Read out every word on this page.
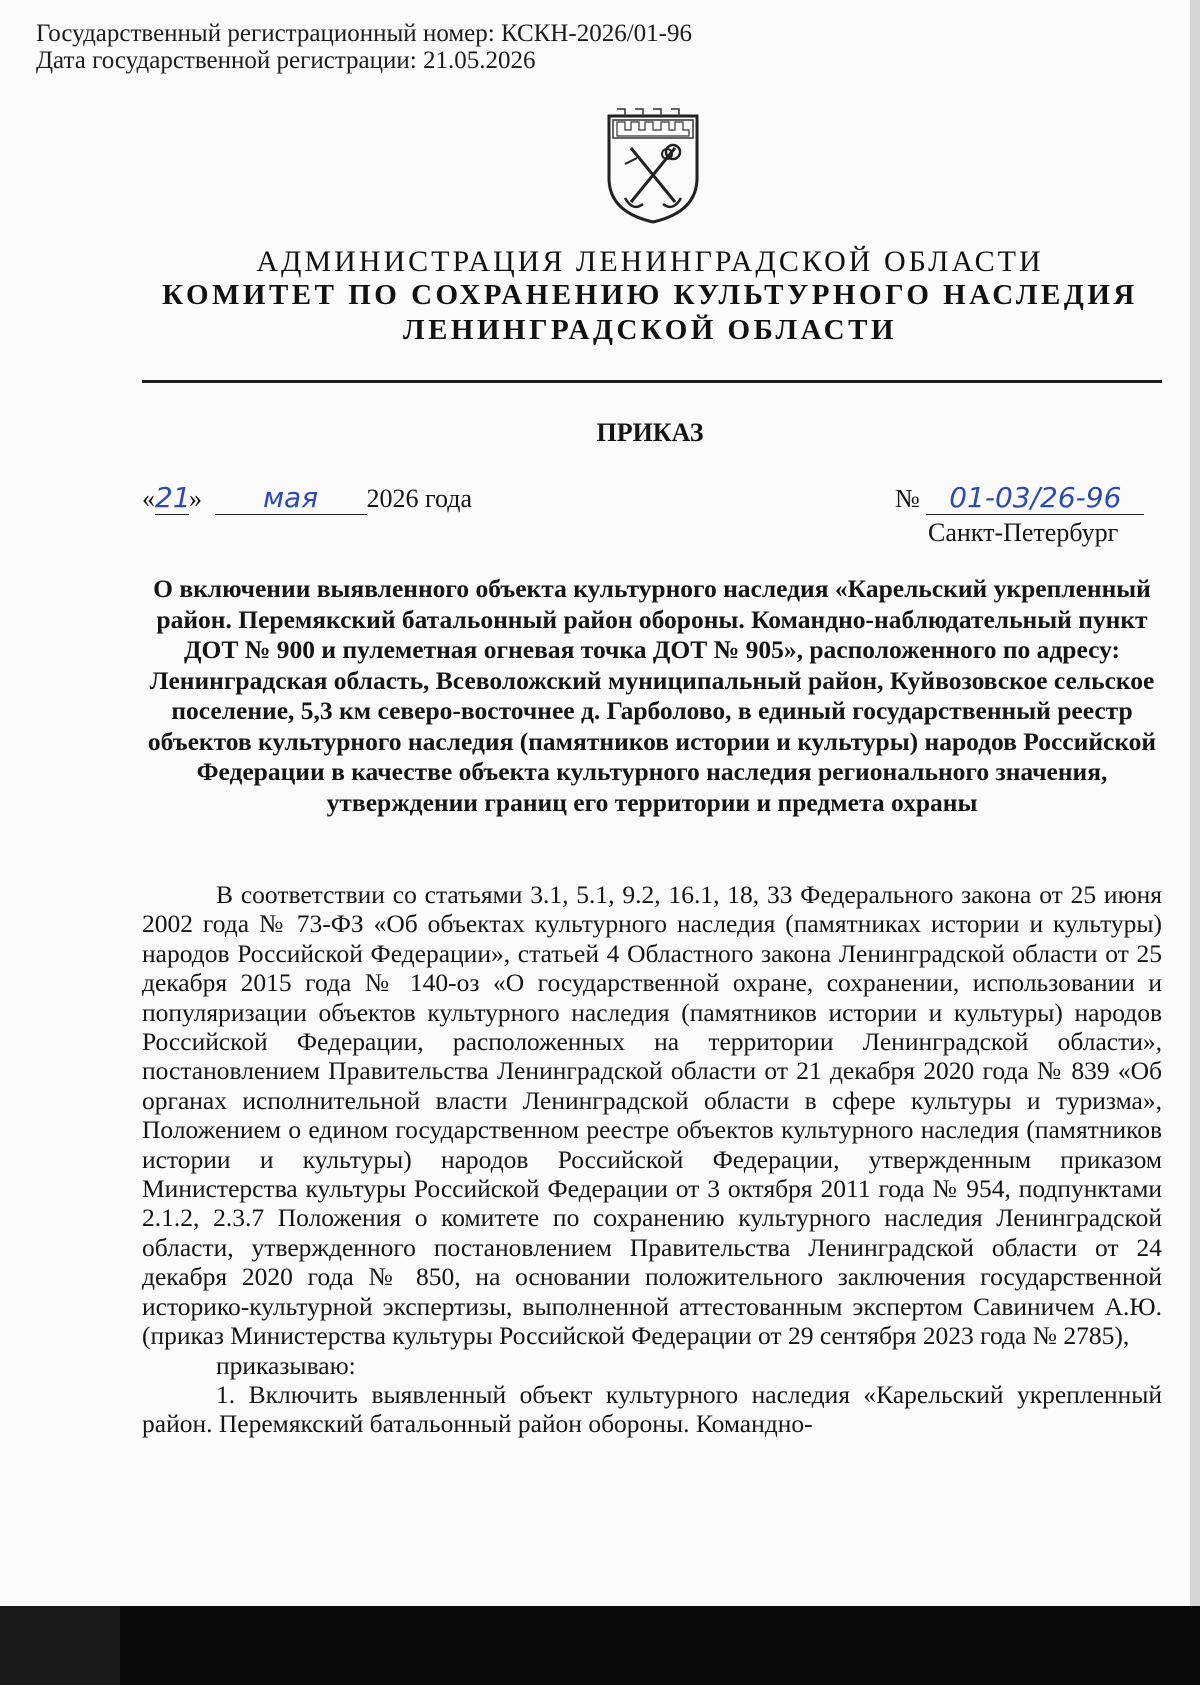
Государственный регистрационный номер: КСКН-2026/01-96
Дата государственной регистрации: 21.05.2026
АДМИНИСТРАЦИЯ ЛЕНИНГРАДСКОЙ ОБЛАСТИ
КОМИТЕТ ПО СОХРАНЕНИЮ КУЛЬТУРНОГО НАСЛЕДИЯ
ЛЕНИНГРАДСКОЙ ОБЛАСТИ
ПРИКАЗ
«21» мая 2026 года	№ 01-03/26-96
Санкт-Петербург
О включении выявленного объекта культурного наследия «Карельский укрепленный район. Перемякский батальонный район обороны. Командно-наблюдательный пункт ДОТ № 900 и пулеметная огневая точка ДОТ № 905», расположенного по адресу: Ленинградская область, Всеволожский муниципальный район, Куйвозовское сельское поселение, 5,3 км северо-восточнее д. Гарболово, в единый государственный реестр объектов культурного наследия (памятников истории и культуры) народов Российской Федерации в качестве объекта культурного наследия регионального значения, утверждении границ его территории и предмета охраны

В соответствии со статьями 3.1, 5.1, 9.2, 16.1, 18, 33 Федерального закона от 25 июня 2002 года № 73-ФЗ «Об объектах культурного наследия (памятниках истории и культуры) народов Российской Федерации», статьей 4 Областного закона Ленинградской области от 25 декабря 2015 года № 140-оз «О государственной охране, сохранении, использовании и популяризации объектов культурного наследия (памятников истории и культуры) народов Российской Федерации, расположенных на территории Ленинградской области», постановлением Правительства Ленинградской области от 21 декабря 2020 года № 839 «Об органах исполнительной власти Ленинградской области в сфере культуры и туризма», Положением о едином государственном реестре объектов культурного наследия (памятников истории и культуры) народов Российской Федерации, утвержденным приказом Министерства культуры Российской Федерации от 3 октября 2011 года № 954, подпунктами 2.1.2, 2.3.7 Положения о комитете по сохранению культурного наследия Ленинградской области, утвержденного постановлением Правительства Ленинградской области от 24 декабря 2020 года № 850, на основании положительного заключения государственной историко-культурной экспертизы, выполненной аттестованным экспертом Савиничем А.Ю. (приказ Министерства культуры Российской Федерации от 29 сентября 2023 года № 2785),

приказываю:

1. Включить выявленный объект культурного наследия «Карельский укрепленный район. Перемякский батальонный район обороны. Командно-
